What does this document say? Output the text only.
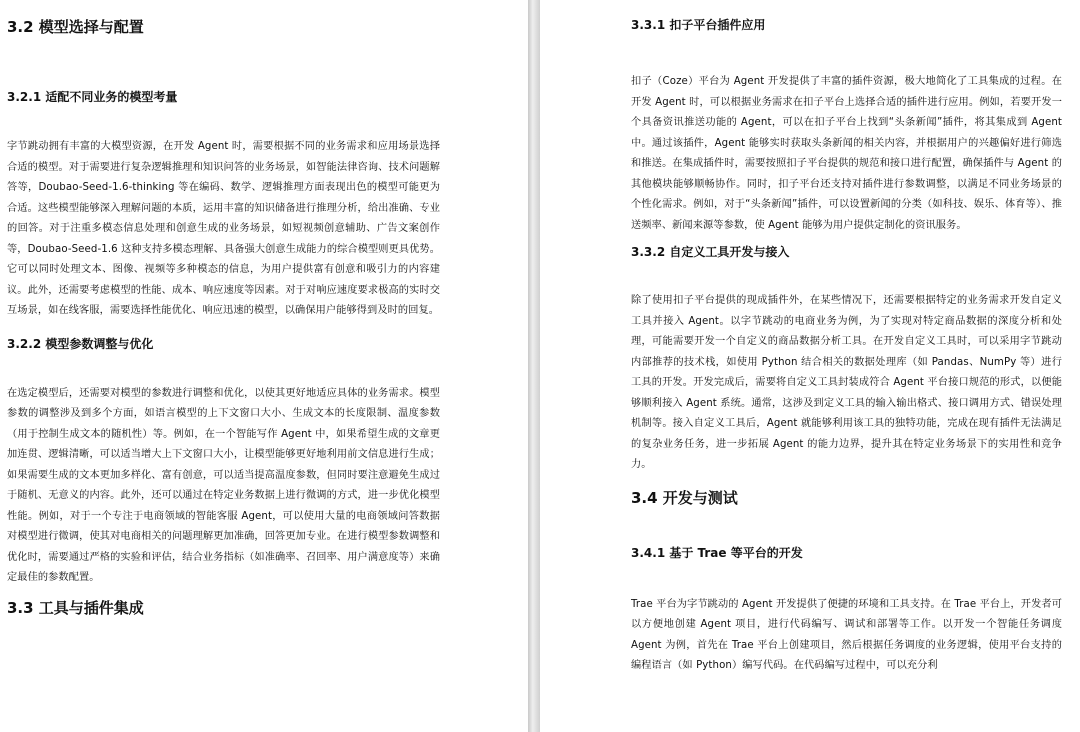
3.2 模型选择与配置
3.2.1 适配不同业务的模型考量

字节跳动拥有丰富的大模型资源，在开发 Agent 时，需要根据不同的业务需求和应用场景选择合适的模型。对于需要进行复杂逻辑推理和知识问答的业务场景，如智能法律咨询、技术问题解答等，Doubao-Seed-1.6-thinking 等在编码、数学、逻辑推理方面表现出色的模型可能更为合适。这些模型能够深入理解问题的本质，运用丰富的知识储备进行推理分析，给出准确、专业的回答。对于注重多模态信息处理和创意生成的业务场景，如短视频创意辅助、广告文案创作等，Doubao-Seed-1.6 这种支持多模态理解、具备强大创意生成能力的综合模型则更具优势。它可以同时处理文本、图像、视频等多种模态的信息，为用户提供富有创意和吸引力的内容建议。此外，还需要考虑模型的性能、成本、响应速度等因素。对于对响应速度要求极高的实时交互场景，如在线客服，需要选择性能优化、响应迅速的模型，以确保用户能够得到及时的回复。

3.2.2 模型参数调整与优化

在选定模型后，还需要对模型的参数进行调整和优化，以使其更好地适应具体的业务需求。模型参数的调整涉及到多个方面，如语言模型的上下文窗口大小、生成文本的长度限制、温度参数（用于控制生成文本的随机性）等。例如，在一个智能写作 Agent 中，如果希望生成的文章更加连贯、逻辑清晰，可以适当增大上下文窗口大小，让模型能够更好地利用前文信息进行生成；如果需要生成的文本更加多样化、富有创意，可以适当提高温度参数，但同时要注意避免生成过于随机、无意义的内容。此外，还可以通过在特定业务数据上进行微调的方式，进一步优化模型性能。例如，对于一个专注于电商领域的智能客服 Agent，可以使用大量的电商领域问答数据对模型进行微调，使其对电商相关的问题理解更加准确，回答更加专业。在进行模型参数调整和优化时，需要通过严格的实验和评估，结合业务指标（如准确率、召回率、用户满意度等）来确定最佳的参数配置。

3.3 工具与插件集成
3.3.1 扣子平台插件应用

扣子（Coze）平台为 Agent 开发提供了丰富的插件资源，极大地简化了工具集成的过程。在开发 Agent 时，可以根据业务需求在扣子平台上选择合适的插件进行应用。例如，若要开发一个具备资讯推送功能的 Agent，可以在扣子平台上找到“头条新闻”插件，将其集成到 Agent 中。通过该插件，Agent 能够实时获取头条新闻的相关内容，并根据用户的兴趣偏好进行筛选和推送。在集成插件时，需要按照扣子平台提供的规范和接口进行配置，确保插件与 Agent 的其他模块能够顺畅协作。同时，扣子平台还支持对插件进行参数调整，以满足不同业务场景的个性化需求。例如，对于“头条新闻”插件，可以设置新闻的分类（如科技、娱乐、体育等）、推送频率、新闻来源等参数，使 Agent 能够为用户提供定制化的资讯服务。

3.3.2 自定义工具开发与接入

除了使用扣子平台提供的现成插件外，在某些情况下，还需要根据特定的业务需求开发自定义工具并接入 Agent。以字节跳动的电商业务为例，为了实现对特定商品数据的深度分析和处理，可能需要开发一个自定义的商品数据分析工具。在开发自定义工具时，可以采用字节跳动内部推荐的技术栈，如使用 Python 结合相关的数据处理库（如 Pandas、NumPy 等）进行工具的开发。开发完成后，需要将自定义工具封装成符合 Agent 平台接口规范的形式，以便能够顺利接入 Agent 系统。通常，这涉及到定义工具的输入输出格式、接口调用方式、错误处理机制等。接入自定义工具后，Agent 就能够利用该工具的独特功能，完成在现有插件无法满足的复杂业务任务，进一步拓展 Agent 的能力边界，提升其在特定业务场景下的实用性和竞争力。

3.4 开发与测试
3.4.1 基于 Trae 等平台的开发

Trae 平台为字节跳动的 Agent 开发提供了便捷的环境和工具支持。在 Trae 平台上，开发者可以方便地创建 Agent 项目，进行代码编写、调试和部署等工作。以开发一个智能任务调度 Agent 为例，首先在 Trae 平台上创建项目，然后根据任务调度的业务逻辑，使用平台支持的编程语言（如 Python）编写代码。在代码编写过程中，可以充分利
